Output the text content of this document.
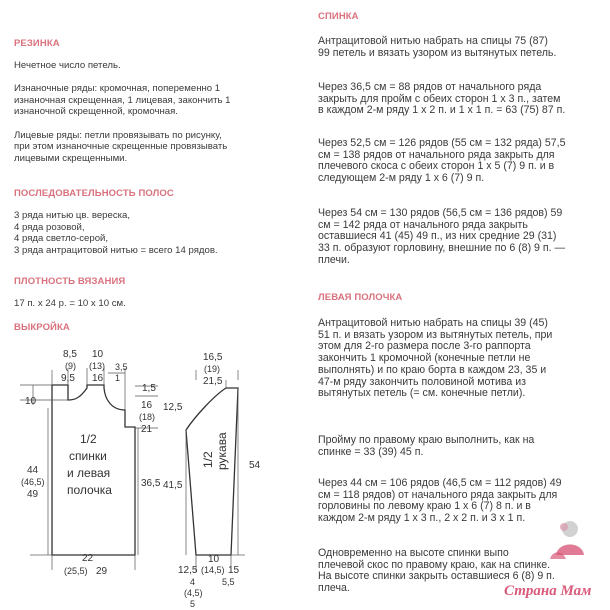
РЕЗИНКА
Нечетное число петель.
Изнаночные ряды: кромочная, попеременно 1
изнаночная скрещенная, 1 лицевая, закончить 1
изнаночной скрещенной, кромочная.
Лицевые ряды: петли провязывать по рисунку,
при этом изнаночные скрещенные провязывать
лицевыми скрещенными.
ПОСЛЕДОВАТЕЛЬНОСТЬ ПОЛОС
3 ряда нитью цв. вереска,
4 ряда розовой,
4 ряда светло-серой,
3 ряда антрацитовой нитью = всего 14 рядов.
ПЛОТНОСТЬ ВЯЗАНИЯ
17 п. х 24 р. = 10 х 10 см.
ВЫКРОЙКА
1/2
спинки
и левая
полочка
1/2 рукава
8,5
(9)
9,5
10
(13)
16
3,5
1
1,5
10	16
(18)
21
12,5
36,5
44
(46,5)
49
22
(25,5) 29
16,5
(19)
21,5
41,5
54
10
12,5 (14,5) 15
4
(4,5)
5
5,5
СПИНКА
Антрацитовой нитью набрать на спицы 75 (87)
99 петель и вязать узором из вытянутых петель.
Через 36,5 см = 88 рядов от начального ряда
закрыть для пройм с обеих сторон 1 х 3 п., затем
в каждом 2-м ряду 1 х 2 п. и 1 х 1 п. = 63 (75) 87 п.
Через 52,5 см = 126 рядов (55 см = 132 ряда) 57,5
см = 138 рядов от начального ряда закрыть для
плечевого скоса с обеих сторон 1 х 5 (7) 9 п. и в
следующем 2-м ряду 1 х 6 (7) 9 п.
Через 54 см = 130 рядов (56,5 см = 136 рядов) 59
см = 142 ряда от начального ряда закрыть
оставшиеся 41 (45) 49 п., из них средние 29 (31)
33 п. образуют горловину, внешние по 6 (8) 9 п. —
плечи.
ЛЕВАЯ ПОЛОЧКА
Антрацитовой нитью набрать на спицы 39 (45)
51 п. и вязать узором из вытянутых петель, при
этом для 2-го размера после 3-го раппорта
закончить 1 кромочной (конечные петли не
выполнять) и по краю борта в каждом 23, 35 и
47-м ряду закончить половиной мотива из
вытянутых петель (= см. конечные петли).
Пройму по правому краю выполнить, как на
спинке = 33 (39) 45 п.
Через 44 см = 106 рядов (46,5 см = 112 рядов) 49
см = 118 рядов) от начального ряда закрыть для
горловины по левому краю 1 х 6 (7) 8 п. и в
каждом 2-м ряду 1 х 3 п., 2 х 2 п. и 3 х 1 п.
Одновременно на высоте спинки выпо
плечевой скос по правому краю, как на спинке.
На высоте спинки закрыть оставшиеся 6 (8) 9 п.
плеча.	Страна Мам
